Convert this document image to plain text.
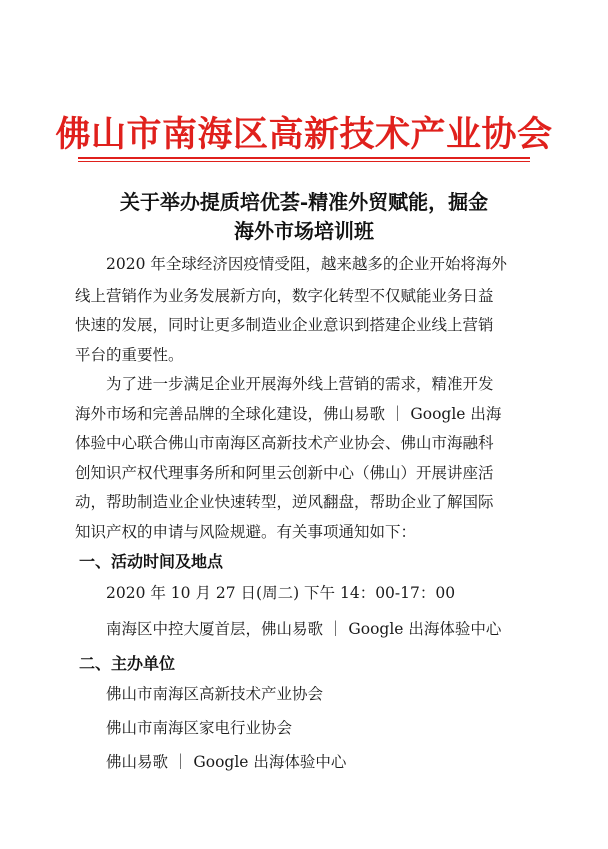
佛山市南海区高新技术产业协会
关于举办提质培优荟-精准外贸赋能，掘金
海外市场培训班
2020 年全球经济因疫情受阻，越来越多的企业开始将海外
线上营销作为业务发展新方向，数字化转型不仅赋能业务日益
快速的发展，同时让更多制造业企业意识到搭建企业线上营销
平台的重要性。
为了进一步满足企业开展海外线上营销的需求，精准开发
海外市场和完善品牌的全球化建设，佛山易歌 ｜ Google 出海
体验中心联合佛山市南海区高新技术产业协会、佛山市海融科
创知识产权代理事务所和阿里云创新中心（佛山）开展讲座活
动，帮助制造业企业快速转型，逆风翻盘，帮助企业了解国际
知识产权的申请与风险规避。有关事项通知如下：
一、活动时间及地点
2020 年 10 月 27 日(周二) 下午 14：00-17：00
南海区中控大厦首层，佛山易歌 ｜ Google 出海体验中心
二、主办单位
佛山市南海区高新技术产业协会
佛山市南海区家电行业协会
佛山易歌 ｜ Google 出海体验中心
